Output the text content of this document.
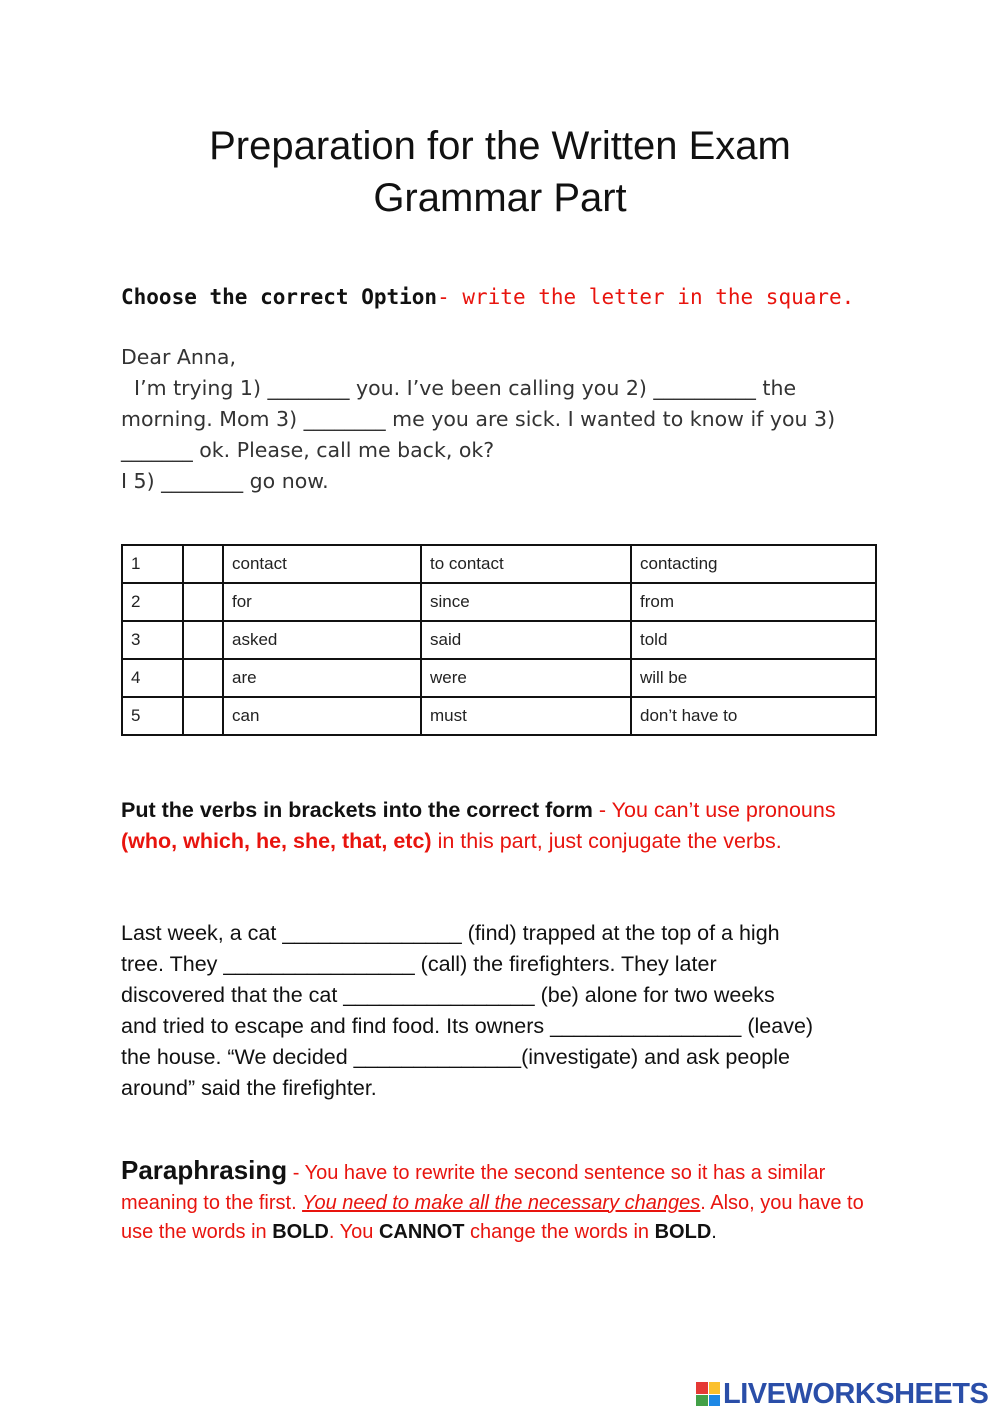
Preparation for the Written Exam
Grammar Part
Choose the correct Option- write the letter in the square.

Dear Anna,

I’m trying 1) ________ you. I’ve been calling you 2) __________ the

morning. Mom 3) ________ me you are sick. I wanted to know if you 3)

_______ ok. Please, call me back, ok?

I 5) ________ go now.

1		contact	to contact	contacting
2		for	since	from
3		asked	said	told
4		are	were	will be
5		can	must	don’t have to
Put the verbs in brackets into the correct form - You can’t use pronouns (who, which, he, she, that, etc) in this part, just conjugate the verbs.

Last week, a cat _______________ (find) trapped at the top of a high

tree. They ________________ (call) the firefighters. They later

discovered that the cat ________________ (be) alone for two weeks

and tried to escape and find food. Its owners ________________ (leave)

the house. “We decided ______________(investigate) and ask people

around” said the firefighter.

Paraphrasing - You have to rewrite the second sentence so it has a similar meaning to the first. You need to make all the necessary changes. Also, you have to use the words in BOLD. You CANNOT change the words in BOLD.
LIVEWORKSHEETS
